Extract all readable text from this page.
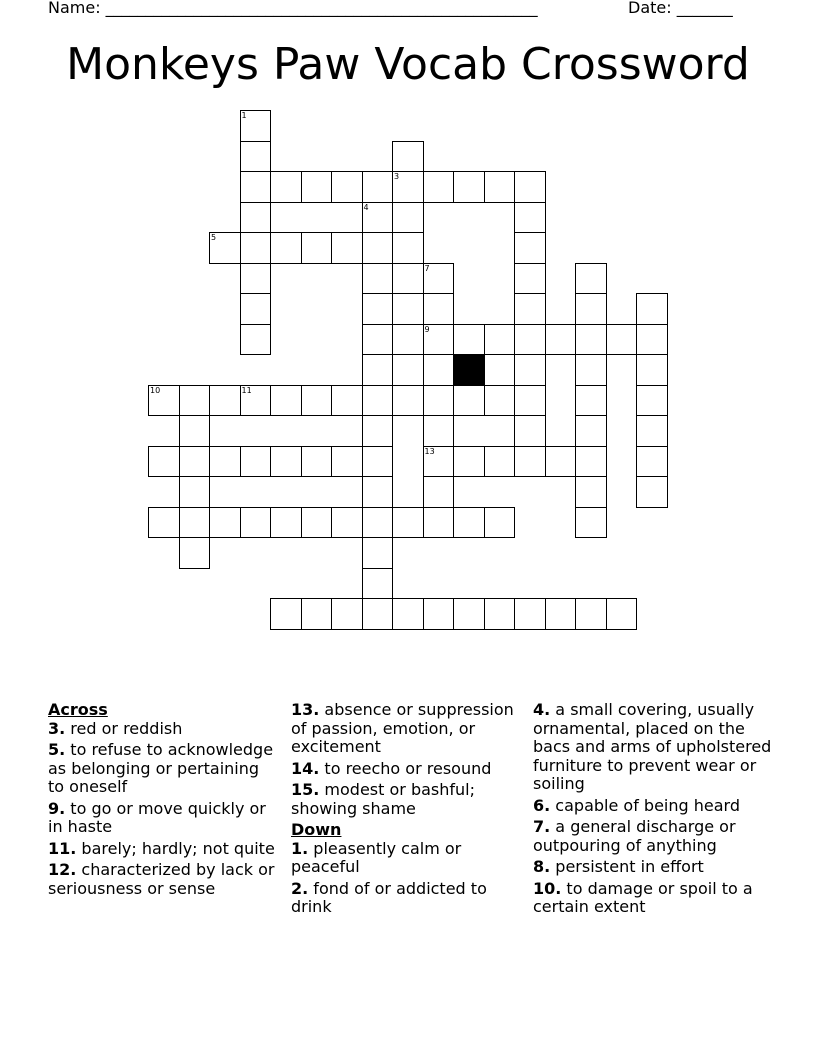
Name: ______________________________________________________	Date: _______
Monkeys Paw Vocab Crossword
1
3
5
4
7
9
13
10	11
Across
3. red or reddish
5. to refuse to acknowledge as belonging or pertaining to oneself
9. to go or move quickly or in haste
11. barely; hardly; not quite
12. characterized by lack or seriousness or sense
13. absence or suppression of passion, emotion, or excitement
14. to reecho or resound
15. modest or bashful; showing shame
Down
1. pleasently calm or peaceful
2. fond of or addicted to drink
4. a small covering, usually ornamental, placed on the bacs and arms of upholstered furniture to prevent wear or soiling
6. capable of being heard
7. a general discharge or outpouring of anything
8. persistent in effort
10. to damage or spoil to a certain extent
